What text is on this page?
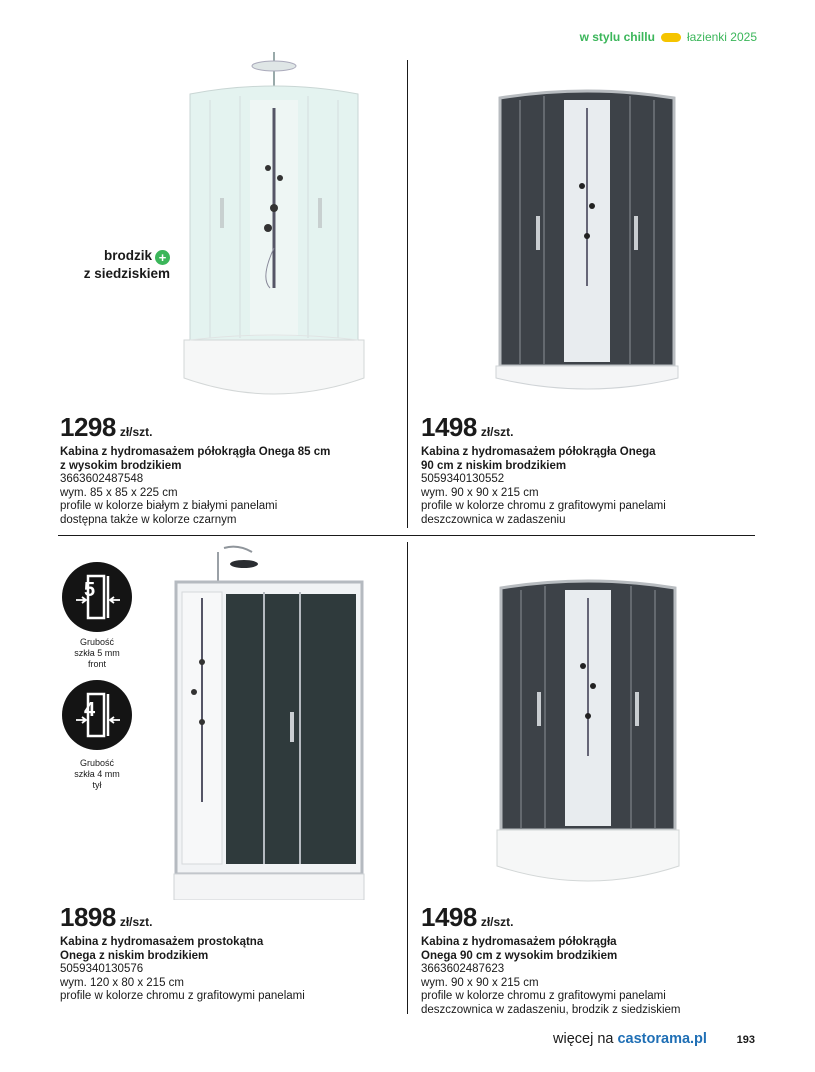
w stylu chillu	łazienki 2025
brodzik +
z siedziskiem
5
Grubość
szkła 5 mm
front
4
Grubość
szkła 4 mm
tył
1298 zł/szt.
Kabina z hydromasażem półokrągła Onega 85 cm
z wysokim brodzikiem
3663602487548
wym. 85 x 85 x 225 cm
profile w kolorze białym z białymi panelami
dostępna także w kolorze czarnym
1498 zł/szt.
Kabina z hydromasażem półokrągła Onega
90 cm z niskim brodzikiem
5059340130552
wym. 90 x 90 x 215 cm
profile w kolorze chromu z grafitowymi panelami
deszczownica w zadaszeniu
1898 zł/szt.
Kabina z hydromasażem prostokątna
Onega z niskim brodzikiem
5059340130576
wym. 120 x 80 x 215 cm
profile w kolorze chromu z grafitowymi panelami
1498 zł/szt.
Kabina z hydromasażem półokrągła
Onega 90 cm z wysokim brodzikiem
3663602487623
wym. 90 x 90 x 215 cm
profile w kolorze chromu z grafitowymi panelami
deszczownica w zadaszeniu, brodzik z siedziskiem
więcej na castorama.pl	193
